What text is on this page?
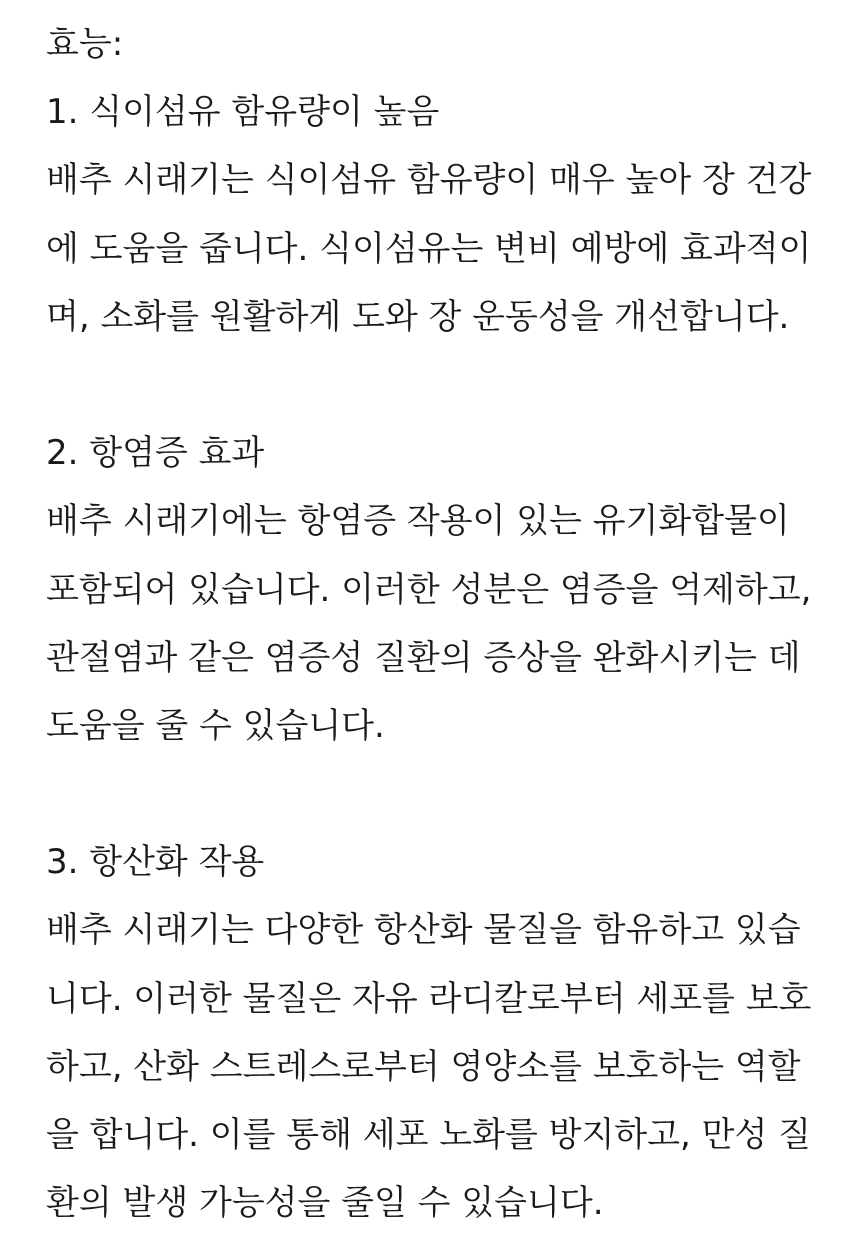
효능:
1. 식이섬유 함유량이 높음
배추 시래기는 식이섬유 함유량이 매우 높아 장 건강
에 도움을 줍니다. 식이섬유는 변비 예방에 효과적이
며, 소화를 원활하게 도와 장 운동성을 개선합니다.
2. 항염증 효과
배추 시래기에는 항염증 작용이 있는 유기화합물이
포함되어 있습니다. 이러한 성분은 염증을 억제하고,
관절염과 같은 염증성 질환의 증상을 완화시키는 데
도움을 줄 수 있습니다.
3. 항산화 작용
배추 시래기는 다양한 항산화 물질을 함유하고 있습
니다. 이러한 물질은 자유 라디칼로부터 세포를 보호
하고, 산화 스트레스로부터 영양소를 보호하는 역할
을 합니다. 이를 통해 세포 노화를 방지하고, 만성 질
환의 발생 가능성을 줄일 수 있습니다.
